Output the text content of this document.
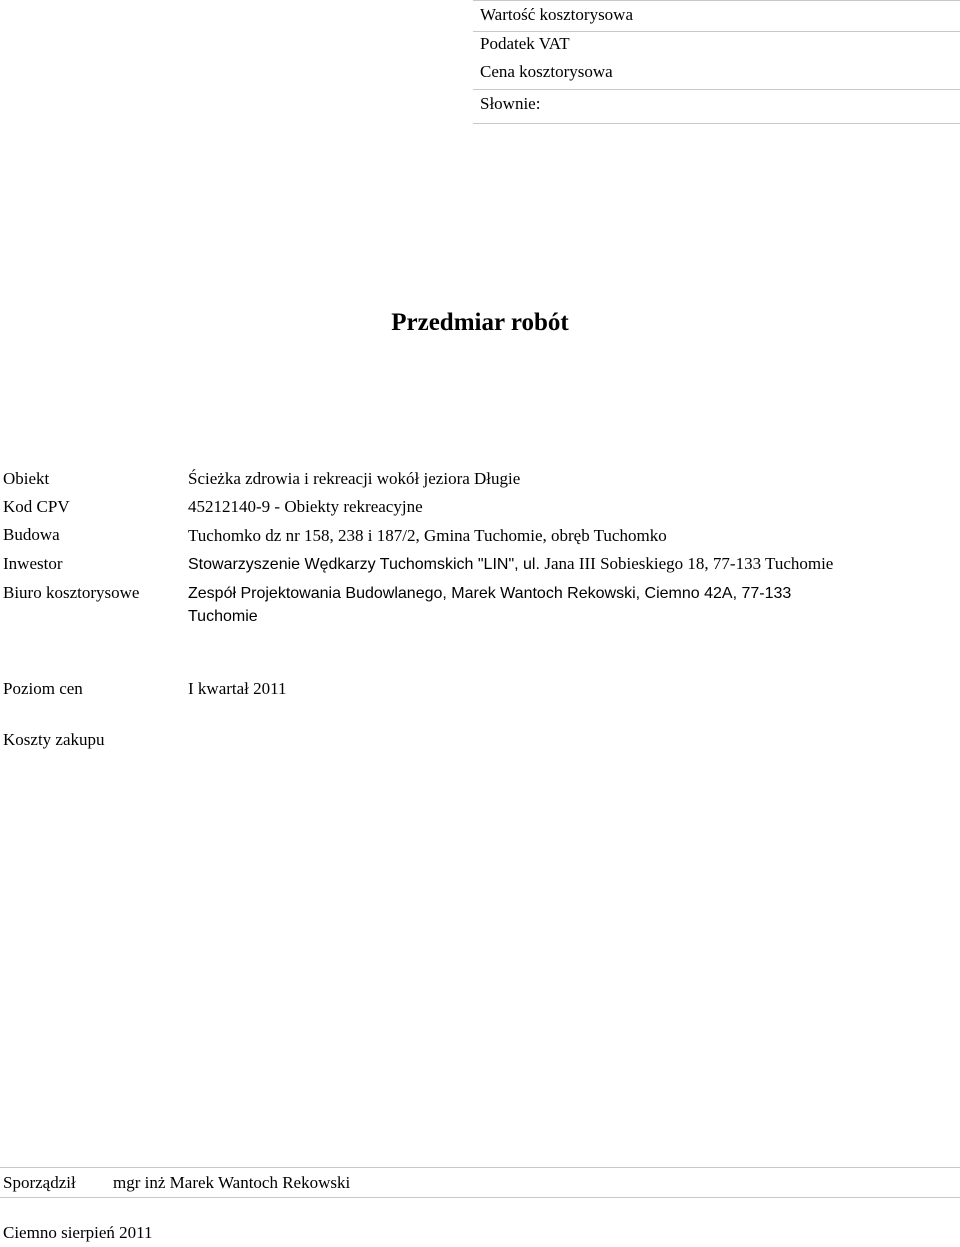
Wartość kosztorysowa
Podatek VAT
Cena kosztorysowa
Słownie:
Przedmiar robót
Obiekt	Ścieżka zdrowia i rekreacji wokół jeziora Długie
Kod CPV	45212140-9 - Obiekty rekreacyjne
Budowa	Tuchomko dz nr 158, 238 i 187/2, Gmina Tuchomie, obręb Tuchomko
Inwestor	Stowarzyszenie Wędkarzy Tuchomskich "LIN", ul. Jana III Sobieskiego 18, 77-133 Tuchomie
Biuro kosztorysowe	Zespół Projektowania Budowlanego, Marek Wantoch Rekowski, Ciemno 42A, 77-133
Tuchomie
Poziom cen	I kwartał 2011
Koszty zakupu
Sporządził mgr inż Marek Wantoch Rekowski
Ciemno sierpień 2011
